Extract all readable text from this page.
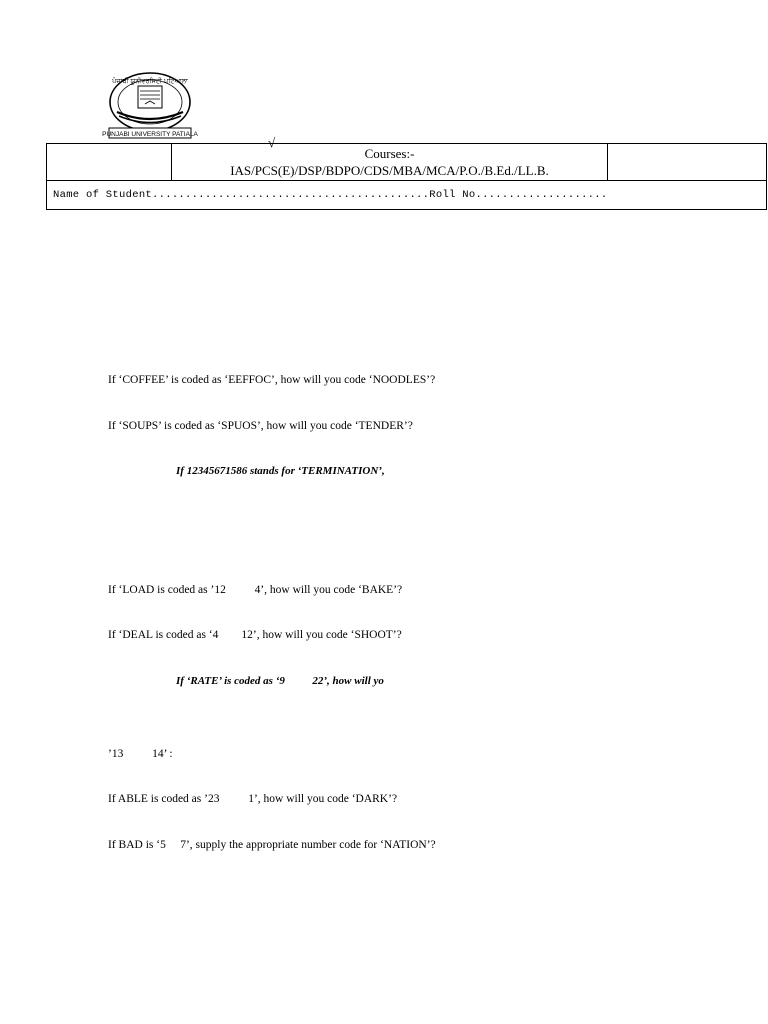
ਪੰਜਾਬੀ ਯੂਨੀਵਰਸਿਟੀ ਪਟਿਆਲਾ
PUNJABI UNIVERSITY PATIALA
√

Courses:-
IAS/PCS(E)/DSP/BDPO/CDS/MBA/MCA/P.O./B.Ed./LL.B.

Name of Student..........................................Roll No....................
If ‘COFFEE’ is coded as ‘EEFFOC’, how will you code ‘NOODLES’?
If ‘SOUPS’ is coded as ‘SPUOS’, how will you code ‘TENDER’?
If 12345671586 stands for ‘TERMINATION’,
If ‘LOAD is coded as ’12          4’, how will you code ‘BAKE’?
If ‘DEAL is coded as ‘4        12’, how will you code ‘SHOOT’?
If ‘RATE’ is coded as ‘9          22’, how will yo
’13          14’ :
If ABLE is coded as ’23          1’, how will you code ‘DARK’?
If BAD is ‘5     7’, supply the appropriate number code for ‘NATION’?
